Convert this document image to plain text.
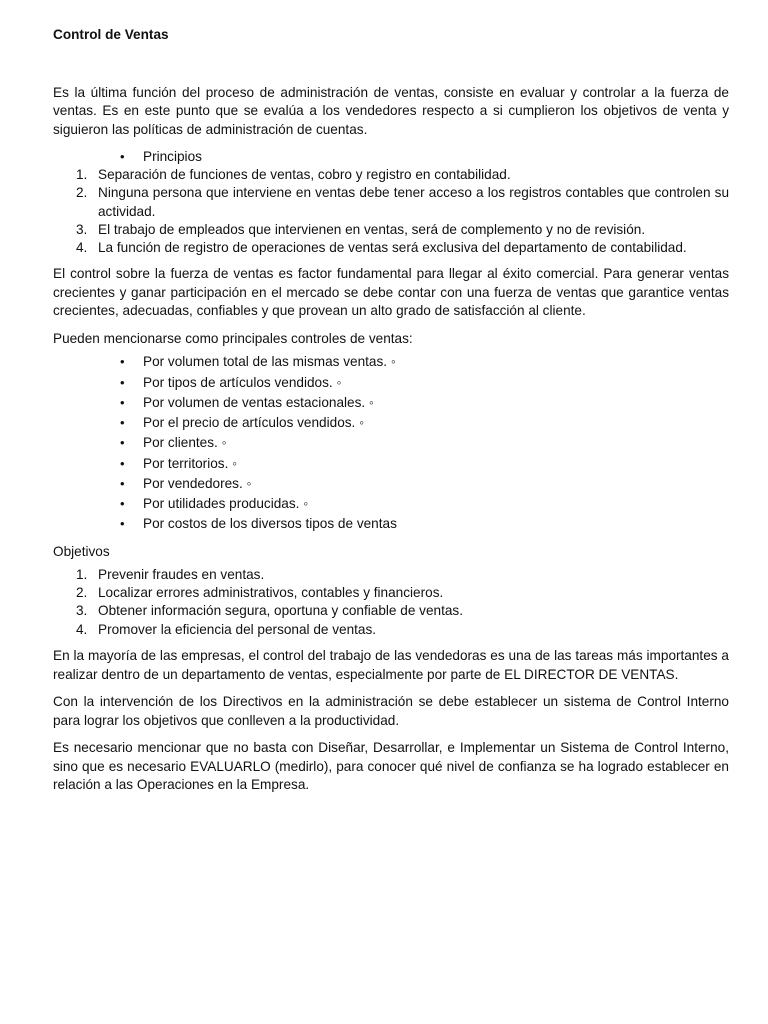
Control de Ventas

Es la última función del proceso de administración de ventas, consiste en evaluar y controlar a la fuerza de ventas. Es en este punto que se evalúa a los vendedores respecto a si cumplieron los objetivos de venta y siguieron las políticas de administración de cuentas.

• Principios
1. Separación de funciones de ventas, cobro y registro en contabilidad.
2. Ninguna persona que interviene en ventas debe tener acceso a los registros contables que controlen su actividad.
3. El trabajo de empleados que intervienen en ventas, será de complemento y no de revisión.
4. La función de registro de operaciones de ventas será exclusiva del departamento de contabilidad.

El control sobre la fuerza de ventas es factor fundamental para llegar al éxito comercial. Para generar ventas crecientes y ganar participación en el mercado se debe contar con una fuerza de ventas que garantice ventas crecientes, adecuadas, confiables y que provean un alto grado de satisfacción al cliente.

Pueden mencionarse como principales controles de ventas:

• Por volumen total de las mismas ventas. ◦
• Por tipos de artículos vendidos. ◦
• Por volumen de ventas estacionales. ◦
• Por el precio de artículos vendidos. ◦
• Por clientes. ◦
• Por territorios. ◦
• Por vendedores. ◦
• Por utilidades producidas. ◦
• Por costos de los diversos tipos de ventas

Objetivos

1. Prevenir fraudes en ventas.
2. Localizar errores administrativos, contables y financieros.
3. Obtener información segura, oportuna y confiable de ventas.
4. Promover la eficiencia del personal de ventas.

En la mayoría de las empresas, el control del trabajo de las vendedoras es una de las tareas más importantes a realizar dentro de un departamento de ventas, especialmente por parte de EL DIRECTOR DE VENTAS.

Con la intervención de los Directivos en la administración se debe establecer un sistema de Control Interno para lograr los objetivos que conlleven a la productividad.

Es necesario mencionar que no basta con Diseñar, Desarrollar, e Implementar un Sistema de Control Interno, sino que es necesario EVALUARLO (medirlo), para conocer qué nivel de confianza se ha logrado establecer en relación a las Operaciones en la Empresa.
